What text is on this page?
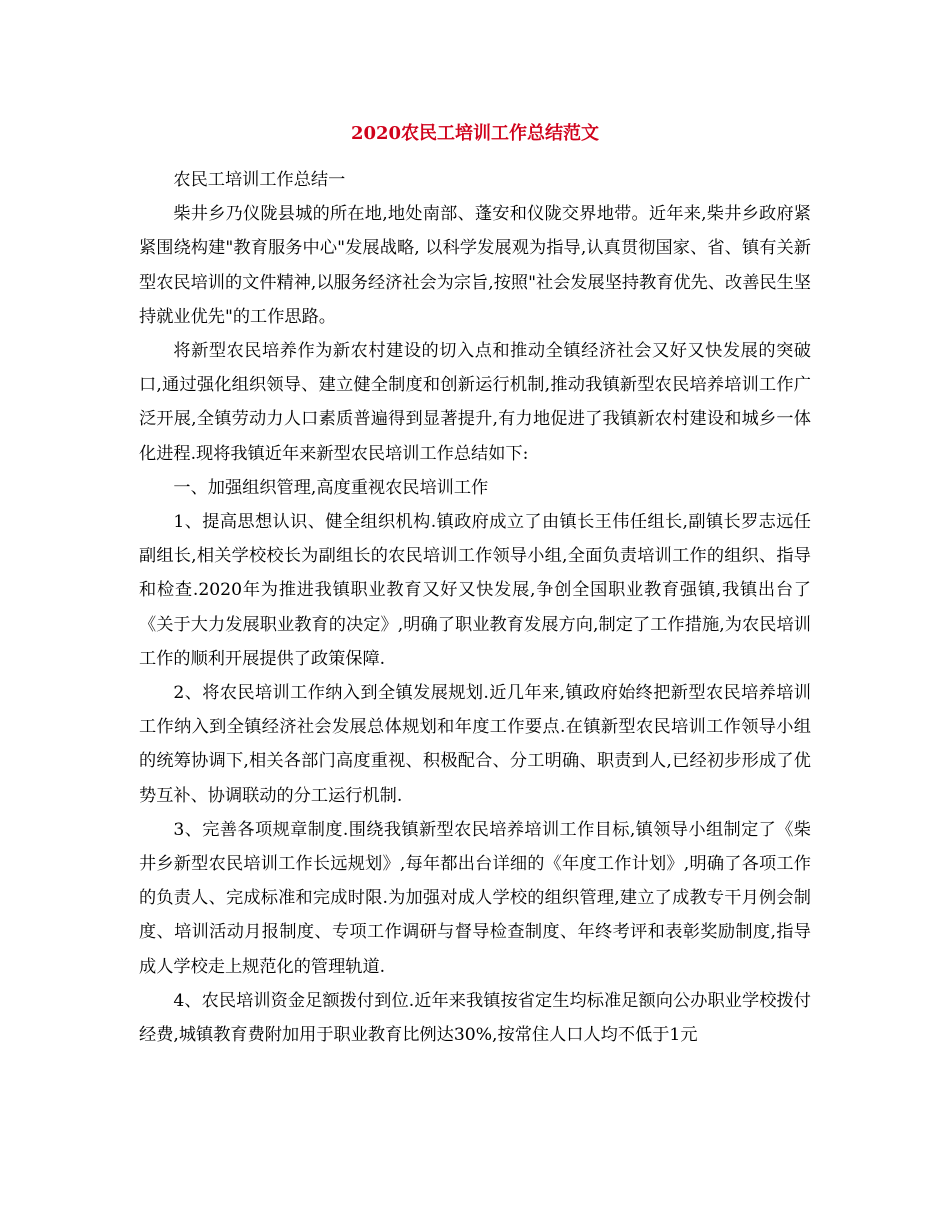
2020农民工培训工作总结范文

农民工培训工作总结一

柴井乡乃仪陇县城的所在地,地处南部、蓬安和仪陇交界地带。近年来,柴井乡政府紧紧围绕构建"教育服务中心"发展战略, 以科学发展观为指导,认真贯彻国家、省、镇有关新型农民培训的文件精神,以服务经济社会为宗旨,按照"社会发展坚持教育优先、改善民生坚持就业优先"的工作思路。

将新型农民培养作为新农村建设的切入点和推动全镇经济社会又好又快发展的突破口,通过强化组织领导、建立健全制度和创新运行机制,推动我镇新型农民培养培训工作广泛开展,全镇劳动力人口素质普遍得到显著提升,有力地促进了我镇新农村建设和城乡一体化进程.现将我镇近年来新型农民培训工作总结如下:

一、加强组织管理,高度重视农民培训工作

1、提高思想认识、健全组织机构.镇政府成立了由镇长王伟任组长,副镇长罗志远任副组长,相关学校校长为副组长的农民培训工作领导小组,全面负责培训工作的组织、指导和检查.2020年为推进我镇职业教育又好又快发展,争创全国职业教育强镇,我镇出台了《关于大力发展职业教育的决定》,明确了职业教育发展方向,制定了工作措施,为农民培训工作的顺利开展提供了政策保障.

2、将农民培训工作纳入到全镇发展规划.近几年来,镇政府始终把新型农民培养培训工作纳入到全镇经济社会发展总体规划和年度工作要点.在镇新型农民培训工作领导小组的统筹协调下,相关各部门高度重视、积极配合、分工明确、职责到人,已经初步形成了优势互补、协调联动的分工运行机制.

3、完善各项规章制度.围绕我镇新型农民培养培训工作目标,镇领导小组制定了《柴井乡新型农民培训工作长远规划》,每年都出台详细的《年度工作计划》,明确了各项工作的负责人、完成标准和完成时限.为加强对成人学校的组织管理,建立了成教专干月例会制度、培训活动月报制度、专项工作调研与督导检查制度、年终考评和表彰奖励制度,指导成人学校走上规范化的管理轨道.

4、农民培训资金足额拨付到位.近年来我镇按省定生均标准足额向公办职业学校拨付经费,城镇教育费附加用于职业教育比例达30%,按常住人口人均不低于1元
